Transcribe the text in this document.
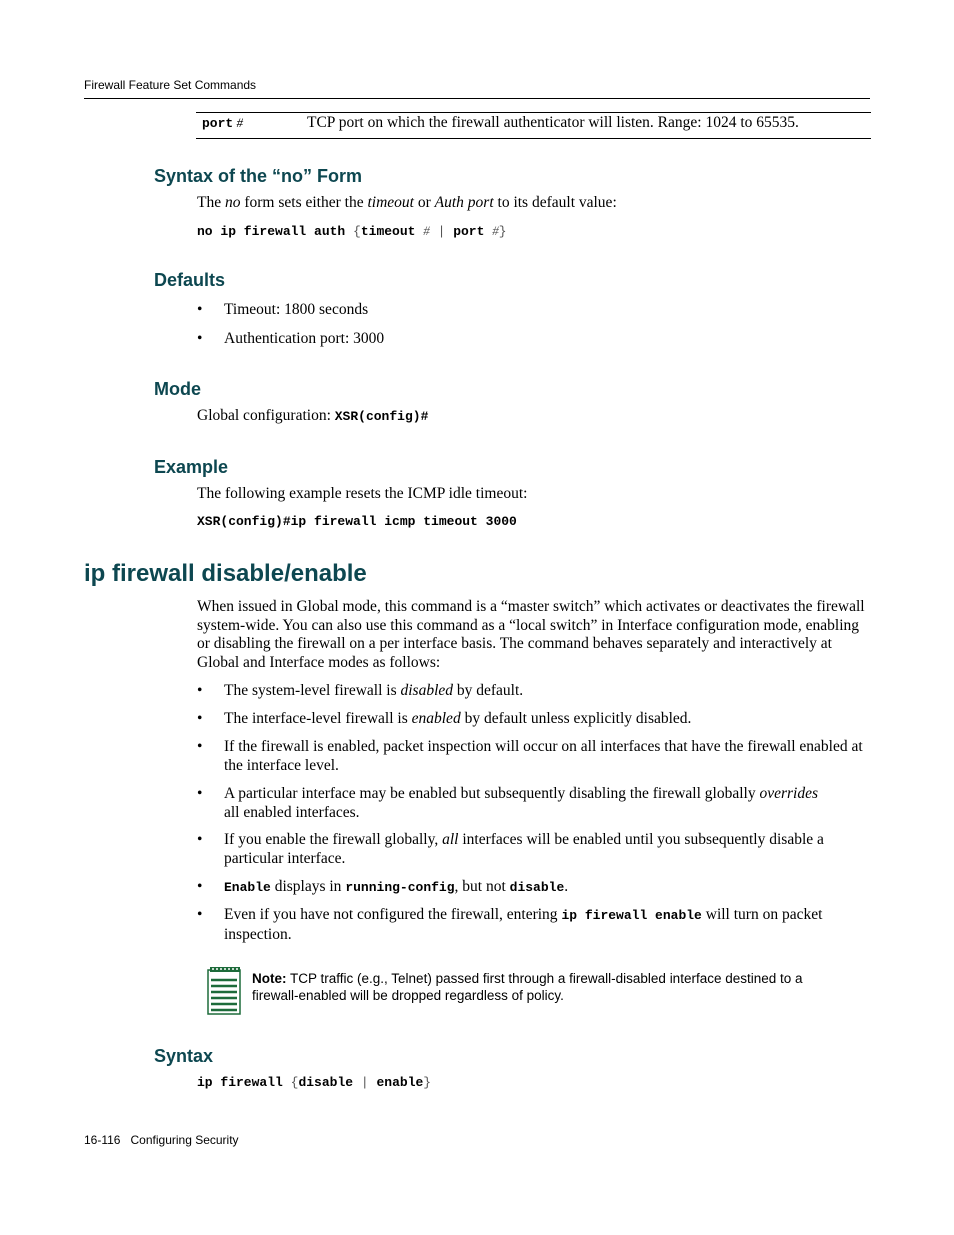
Firewall Feature Set Commands
port #	TCP port on which the firewall authenticator will listen. Range: 1024 to 65535.
Syntax of the “no” Form
The no form sets either the timeout or Auth port to its default value:
no ip firewall auth {timeout # | port #}
Defaults
• Timeout: 1800 seconds
• Authentication port: 3000
Mode
Global configuration: XSR(config)#
Example
The following example resets the ICMP idle timeout:
XSR(config)#ip firewall icmp timeout 3000
ip firewall disable/enable
When issued in Global mode, this command is a “master switch” which activates or deactivates the firewall system-wide. You can also use this command as a “local switch” in Interface configuration mode, enabling or disabling the firewall on a per interface basis. The command behaves separately and interactively at Global and Interface modes as follows:
• The system-level firewall is disabled by default.
• The interface-level firewall is enabled by default unless explicitly disabled.
• If the firewall is enabled, packet inspection will occur on all interfaces that have the firewall enabled at the interface level.
• A particular interface may be enabled but subsequently disabling the firewall globally overrides all enabled interfaces.
• If you enable the firewall globally, all interfaces will be enabled until you subsequently disable a particular interface.
• Enable displays in running-config, but not disable.
• Even if you have not configured the firewall, entering ip firewall enable will turn on packet inspection.
Note: TCP traffic (e.g., Telnet) passed first through a firewall-disabled interface destined to a firewall-enabled will be dropped regardless of policy.
Syntax
ip firewall {disable | enable}
16-116 Configuring Security
